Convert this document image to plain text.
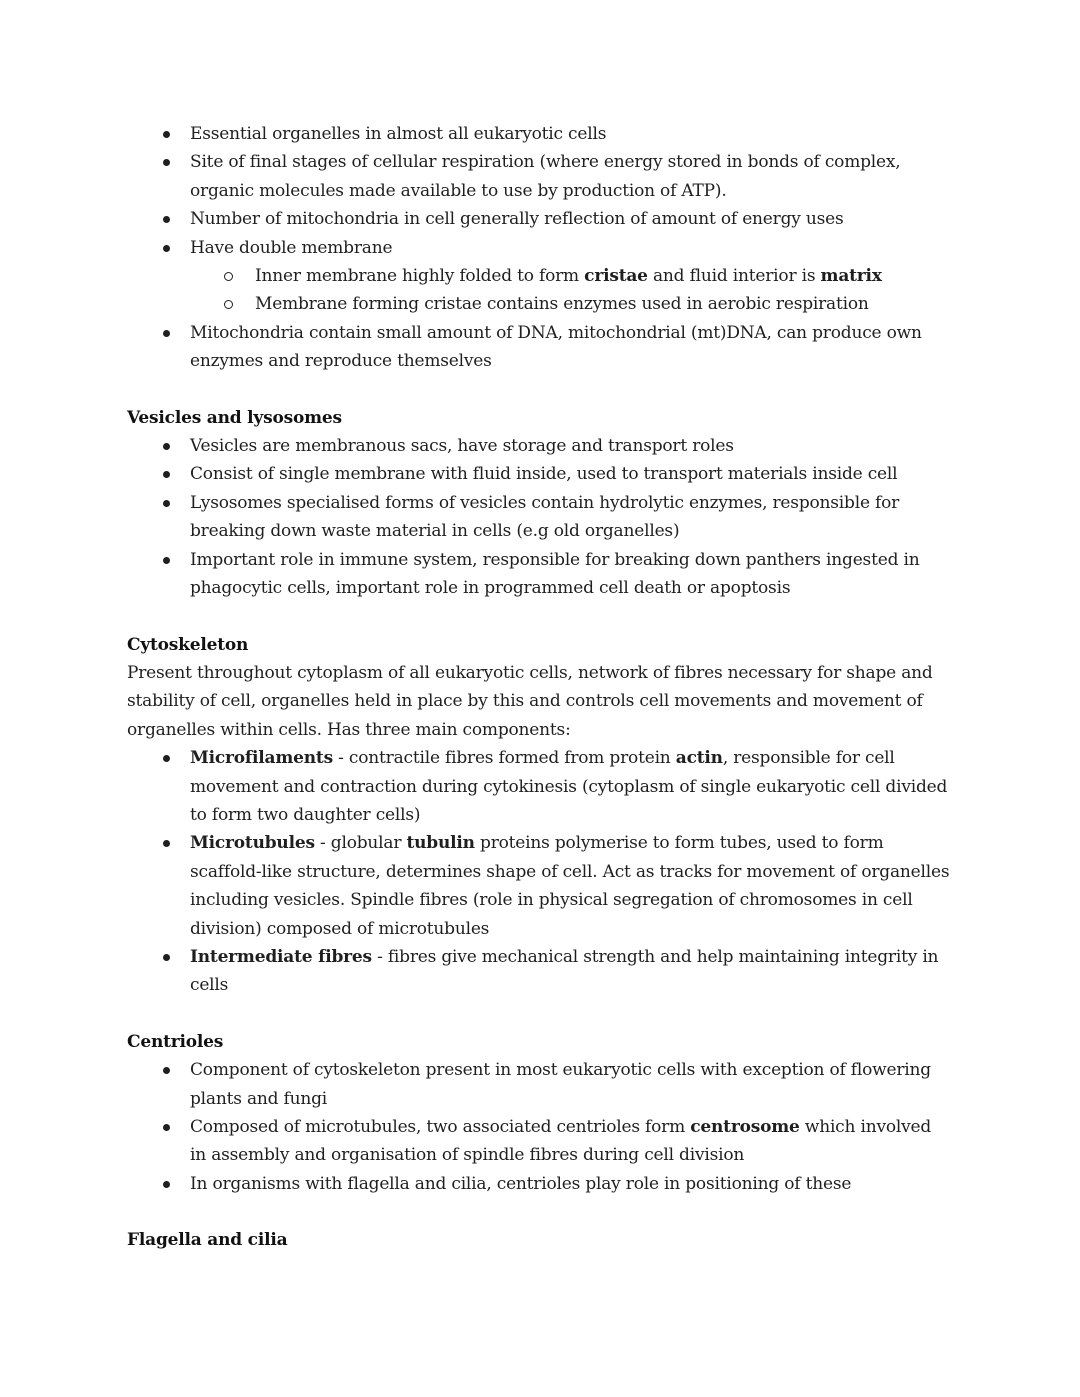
Essential organelles in almost all eukaryotic cells
Site of final stages of cellular respiration (where energy stored in bonds of complex, organic molecules made available to use by production of ATP).
Number of mitochondria in cell generally reflection of amount of energy uses
Have double membrane
Inner membrane highly folded to form cristae and fluid interior is matrix
Membrane forming cristae contains enzymes used in aerobic respiration
Mitochondria contain small amount of DNA, mitochondrial (mt)DNA, can produce own enzymes and reproduce themselves
Vesicles and lysosomes
Vesicles are membranous sacs, have storage and transport roles
Consist of single membrane with fluid inside, used to transport materials inside cell
Lysosomes specialised forms of vesicles contain hydrolytic enzymes, responsible for breaking down waste material in cells (e.g old organelles)
Important role in immune system, responsible for breaking down panthers ingested in phagocytic cells, important role in programmed cell death or apoptosis
Cytoskeleton

Present throughout cytoplasm of all eukaryotic cells, network of fibres necessary for shape and stability of cell, organelles held in place by this and controls cell movements and movement of organelles within cells. Has three main components:

Microfilaments - contractile fibres formed from protein actin, responsible for cell movement and contraction during cytokinesis (cytoplasm of single eukaryotic cell divided to form two daughter cells)
Microtubules - globular tubulin proteins polymerise to form tubes, used to form scaffold-like structure, determines shape of cell. Act as tracks for movement of organelles including vesicles. Spindle fibres (role in physical segregation of chromosomes in cell division) composed of microtubules
Intermediate fibres - fibres give mechanical strength and help maintaining integrity in cells
Centrioles
Component of cytoskeleton present in most eukaryotic cells with exception of flowering plants and fungi
Composed of microtubules, two associated centrioles form centrosome which involved in assembly and organisation of spindle fibres during cell division
In organisms with flagella and cilia, centrioles play role in positioning of these
Flagella and cilia
